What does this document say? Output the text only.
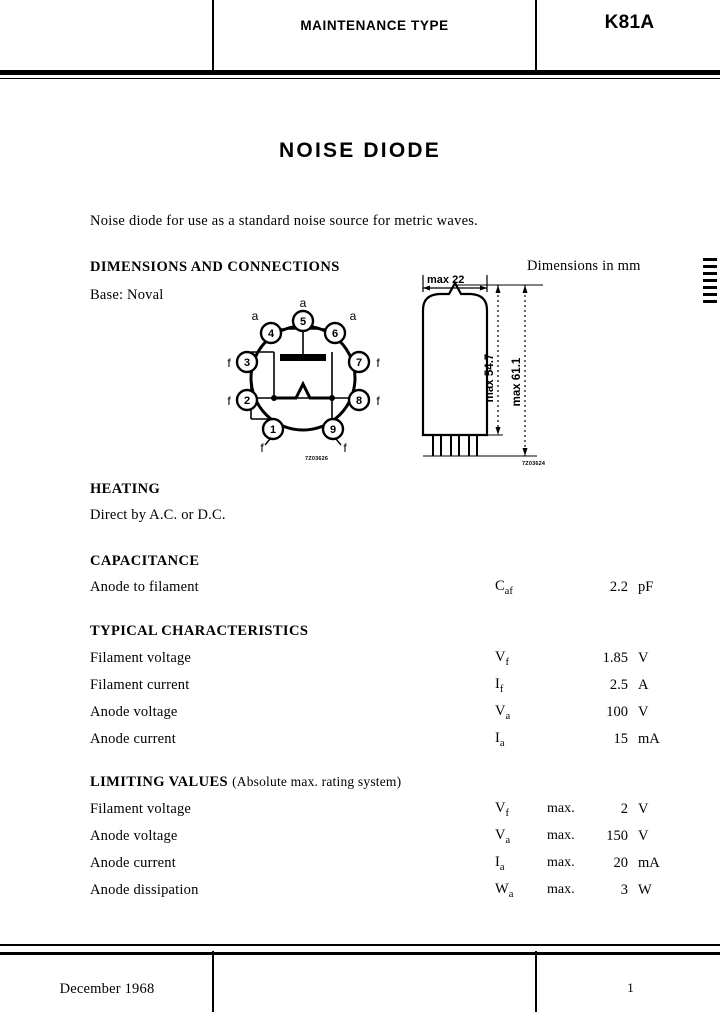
MAINTENANCE TYPE	K81A
NOISE DIODE
Noise diode for use as a standard noise source for metric waves.
DIMENSIONS AND CONNECTIONS
Base: Noval
Dimensions in mm
1
2
3
4
5
6
7
8
9
f
f
f
a
a
a
f
f
f
7Z03626
max 22
max 54.7 max 61.1
7Z03624
HEATING
Direct by A.C. or D.C.
CAPACITANCE
Anode to filament	$C_{af}$	2.2 pF
TYPICAL CHARACTERISTICS
Filament voltage	$V_f$	1.85 V
Filament current	$I_f$	2.5 A
Anode voltage	$V_a$	100 V
Anode current	$I_a$	15 mA
LIMITING VALUES (Absolute max. rating system)
Filament voltage	$V_f$	max.	2 V
Anode voltage	$V_a$	max.	150 V
Anode current	$I_a$	max.	20 mA
Anode dissipation	$W_a$ max.	3 W
December 1968	1
